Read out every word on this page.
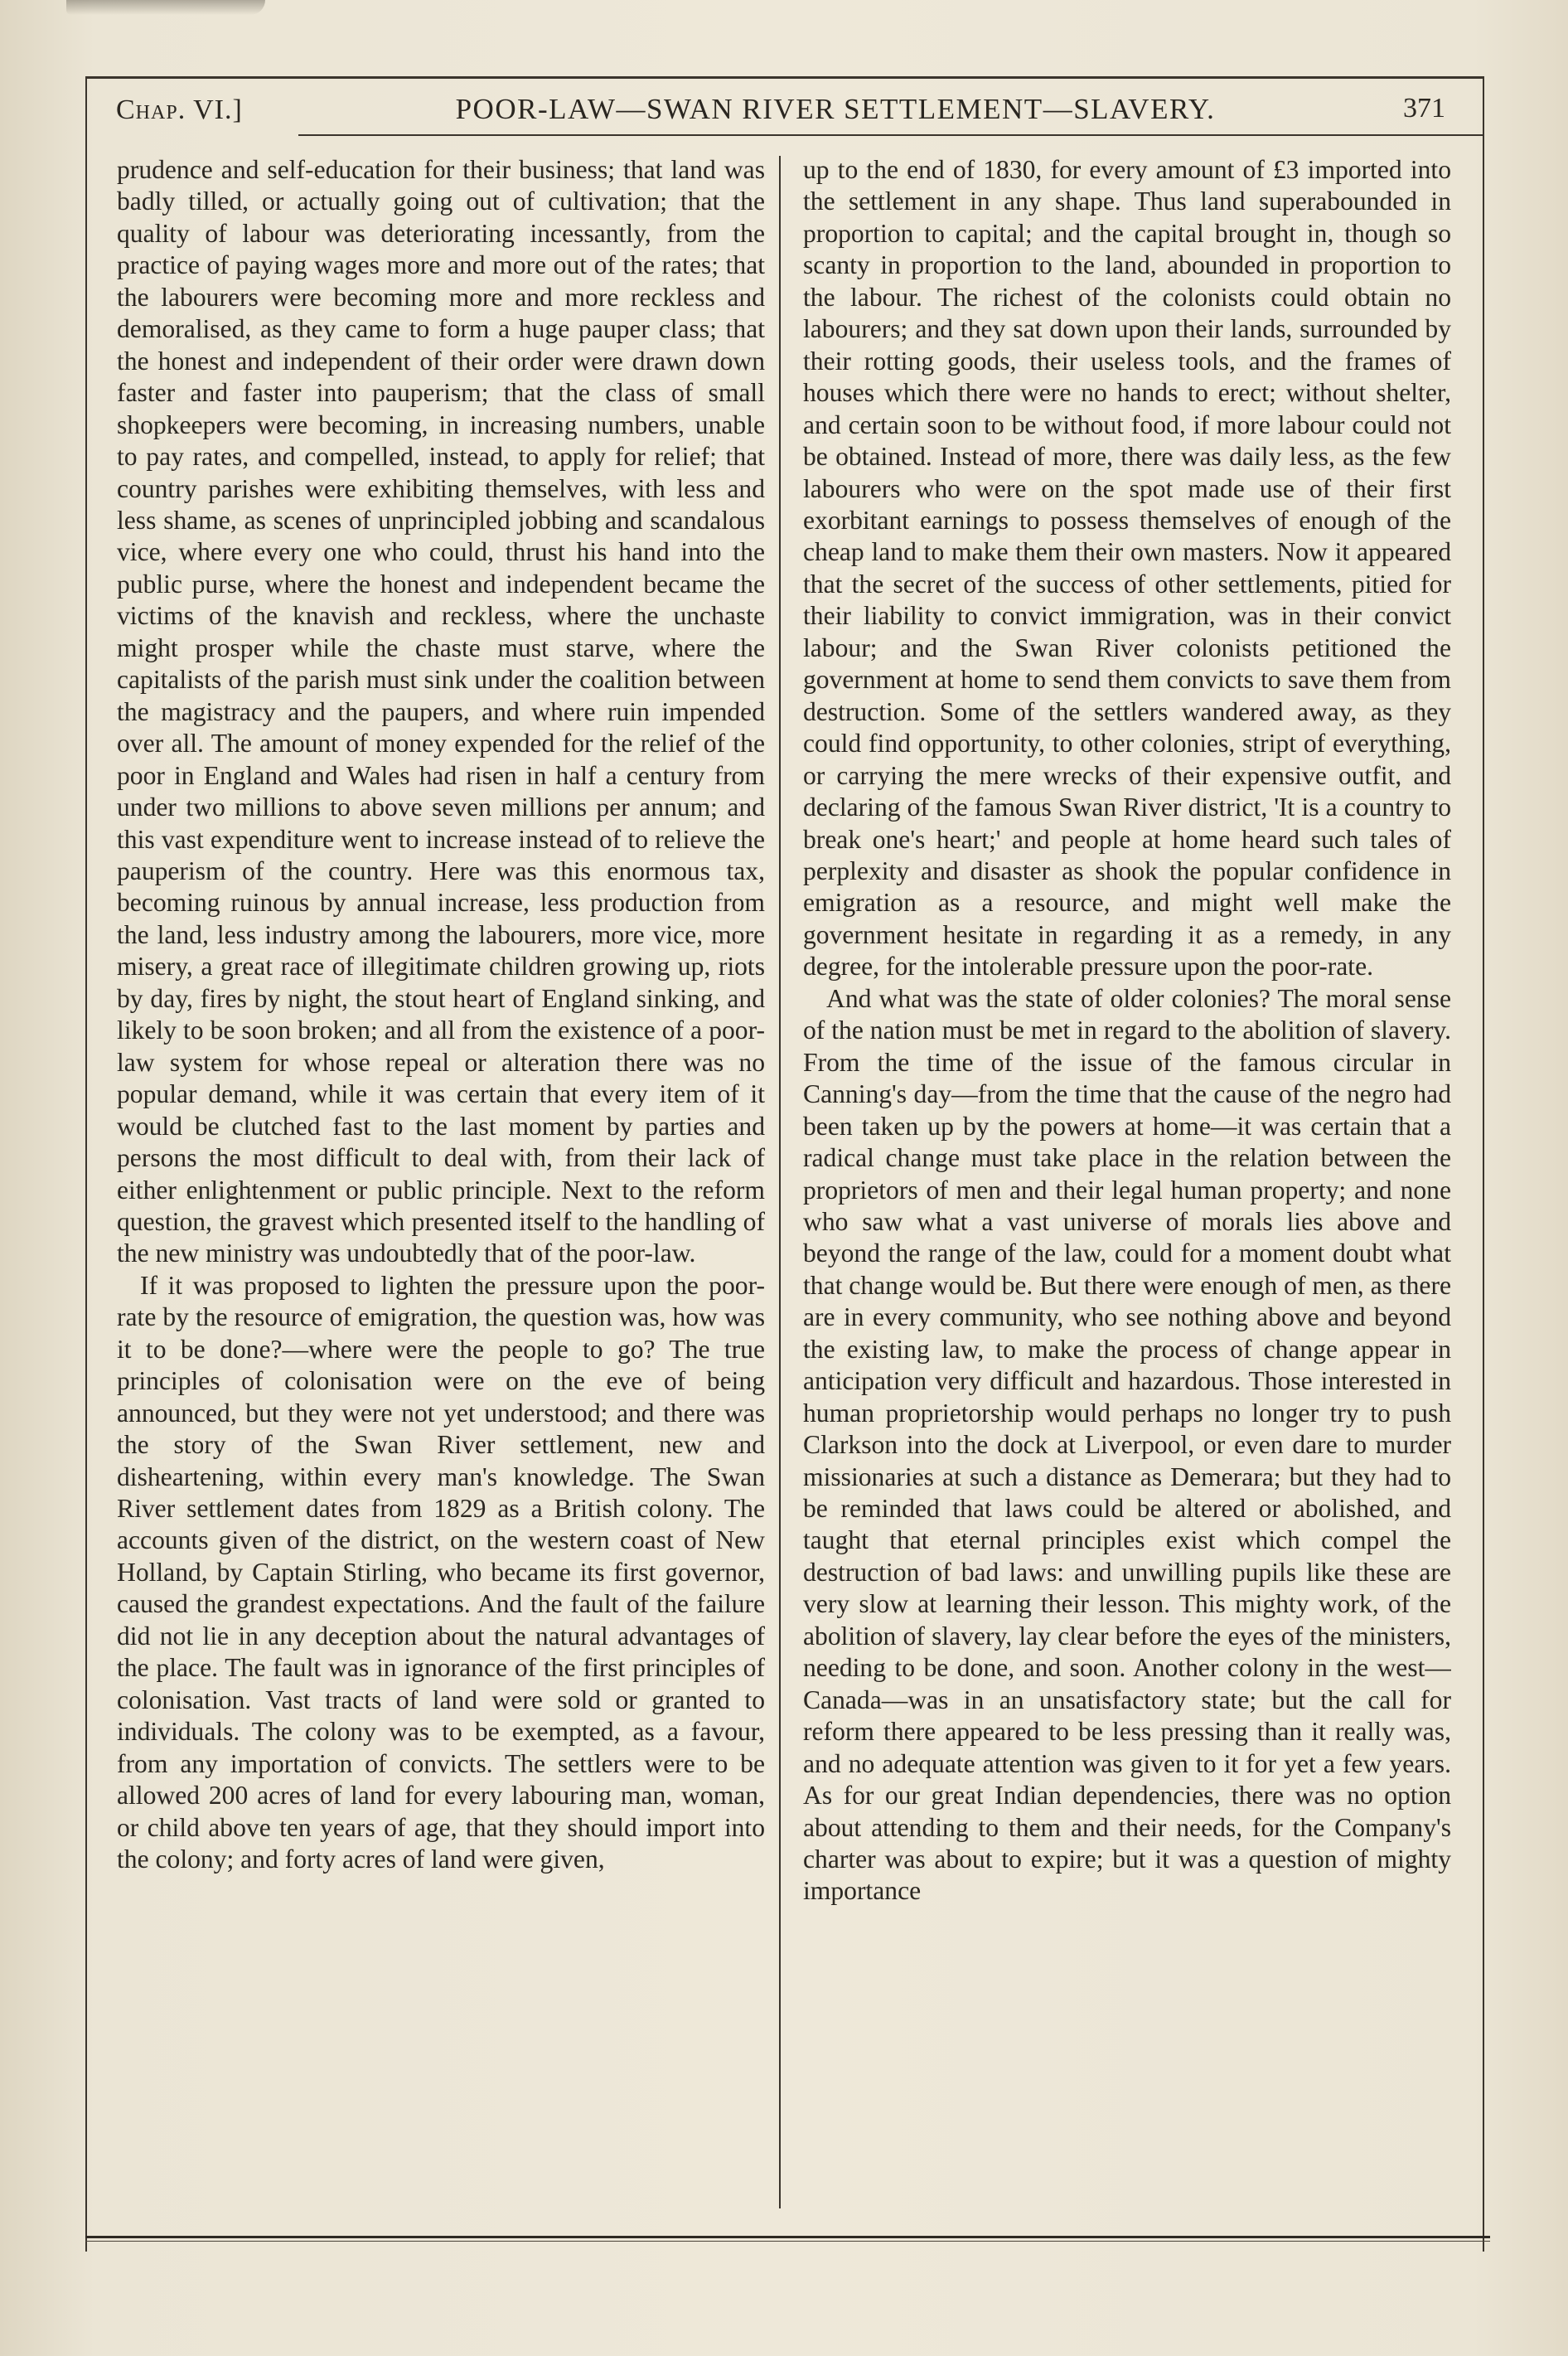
Chap. VI.]	POOR-LAW—SWAN RIVER SETTLEMENT—SLAVERY.	371

prudence and self-education for their business; that land was badly tilled, or actually going out of cultivation; that the quality of labour was deteriorating incessantly, from the practice of paying wages more and more out of the rates; that the labourers were becoming more and more reckless and demoralised, as they came to form a huge pauper class; that the honest and independent of their order were drawn down faster and faster into pauperism; that the class of small shopkeepers were becoming, in increasing numbers, unable to pay rates, and compelled, instead, to apply for relief; that country parishes were exhibiting themselves, with less and less shame, as scenes of unprincipled jobbing and scandalous vice, where every one who could, thrust his hand into the public purse, where the honest and independent became the victims of the knavish and reckless, where the unchaste might prosper while the chaste must starve, where the capitalists of the parish must sink under the coalition between the magistracy and the paupers, and where ruin impended over all. The amount of money expended for the relief of the poor in England and Wales had risen in half a century from under two millions to above seven millions per annum; and this vast expenditure went to increase instead of to relieve the pauperism of the country. Here was this enormous tax, becoming ruinous by annual increase, less production from the land, less industry among the labourers, more vice, more misery, a great race of illegitimate children growing up, riots by day, fires by night, the stout heart of England sinking, and likely to be soon broken; and all from the existence of a poor-law system for whose repeal or alteration there was no popular demand, while it was certain that every item of it would be clutched fast to the last moment by parties and persons the most difficult to deal with, from their lack of either enlightenment or public principle. Next to the reform question, the gravest which presented itself to the handling of the new ministry was undoubtedly that of the poor-law.

If it was proposed to lighten the pressure upon the poor-rate by the resource of emigration, the question was, how was it to be done?—where were the people to go? The true principles of colonisation were on the eve of being announced, but they were not yet understood; and there was the story of the Swan River settlement, new and disheartening, within every man's knowledge. The Swan River settlement dates from 1829 as a British colony. The accounts given of the district, on the western coast of New Holland, by Captain Stirling, who became its first governor, caused the grandest expectations. And the fault of the failure did not lie in any deception about the natural advantages of the place. The fault was in ignorance of the first principles of colonisation. Vast tracts of land were sold or granted to individuals. The colony was to be exempted, as a favour, from any importation of convicts. The settlers were to be allowed 200 acres of land for every labouring man, woman, or child above ten years of age, that they should import into the colony; and forty acres of land were given,

up to the end of 1830, for every amount of £3 imported into the settlement in any shape. Thus land superabounded in proportion to capital; and the capital brought in, though so scanty in proportion to the land, abounded in proportion to the labour. The richest of the colonists could obtain no labourers; and they sat down upon their lands, surrounded by their rotting goods, their useless tools, and the frames of houses which there were no hands to erect; without shelter, and certain soon to be without food, if more labour could not be obtained. Instead of more, there was daily less, as the few labourers who were on the spot made use of their first exorbitant earnings to possess themselves of enough of the cheap land to make them their own masters. Now it appeared that the secret of the success of other settlements, pitied for their liability to convict immigration, was in their convict labour; and the Swan River colonists petitioned the government at home to send them convicts to save them from destruction. Some of the settlers wandered away, as they could find opportunity, to other colonies, stript of everything, or carrying the mere wrecks of their expensive outfit, and declaring of the famous Swan River district, 'It is a country to break one's heart;' and people at home heard such tales of perplexity and disaster as shook the popular confidence in emigration as a resource, and might well make the government hesitate in regarding it as a remedy, in any degree, for the intolerable pressure upon the poor-rate.

And what was the state of older colonies? The moral sense of the nation must be met in regard to the abolition of slavery. From the time of the issue of the famous circular in Canning's day—from the time that the cause of the negro had been taken up by the powers at home—it was certain that a radical change must take place in the relation between the proprietors of men and their legal human property; and none who saw what a vast universe of morals lies above and beyond the range of the law, could for a moment doubt what that change would be. But there were enough of men, as there are in every community, who see nothing above and beyond the existing law, to make the process of change appear in anticipation very difficult and hazardous. Those interested in human proprietorship would perhaps no longer try to push Clarkson into the dock at Liverpool, or even dare to murder missionaries at such a distance as Demerara; but they had to be reminded that laws could be altered or abolished, and taught that eternal principles exist which compel the destruction of bad laws: and unwilling pupils like these are very slow at learning their lesson. This mighty work, of the abolition of slavery, lay clear before the eyes of the ministers, needing to be done, and soon. Another colony in the west—Canada—was in an unsatisfactory state; but the call for reform there appeared to be less pressing than it really was, and no adequate attention was given to it for yet a few years. As for our great Indian dependencies, there was no option about attending to them and their needs, for the Company's charter was about to expire; but it was a question of mighty importance
